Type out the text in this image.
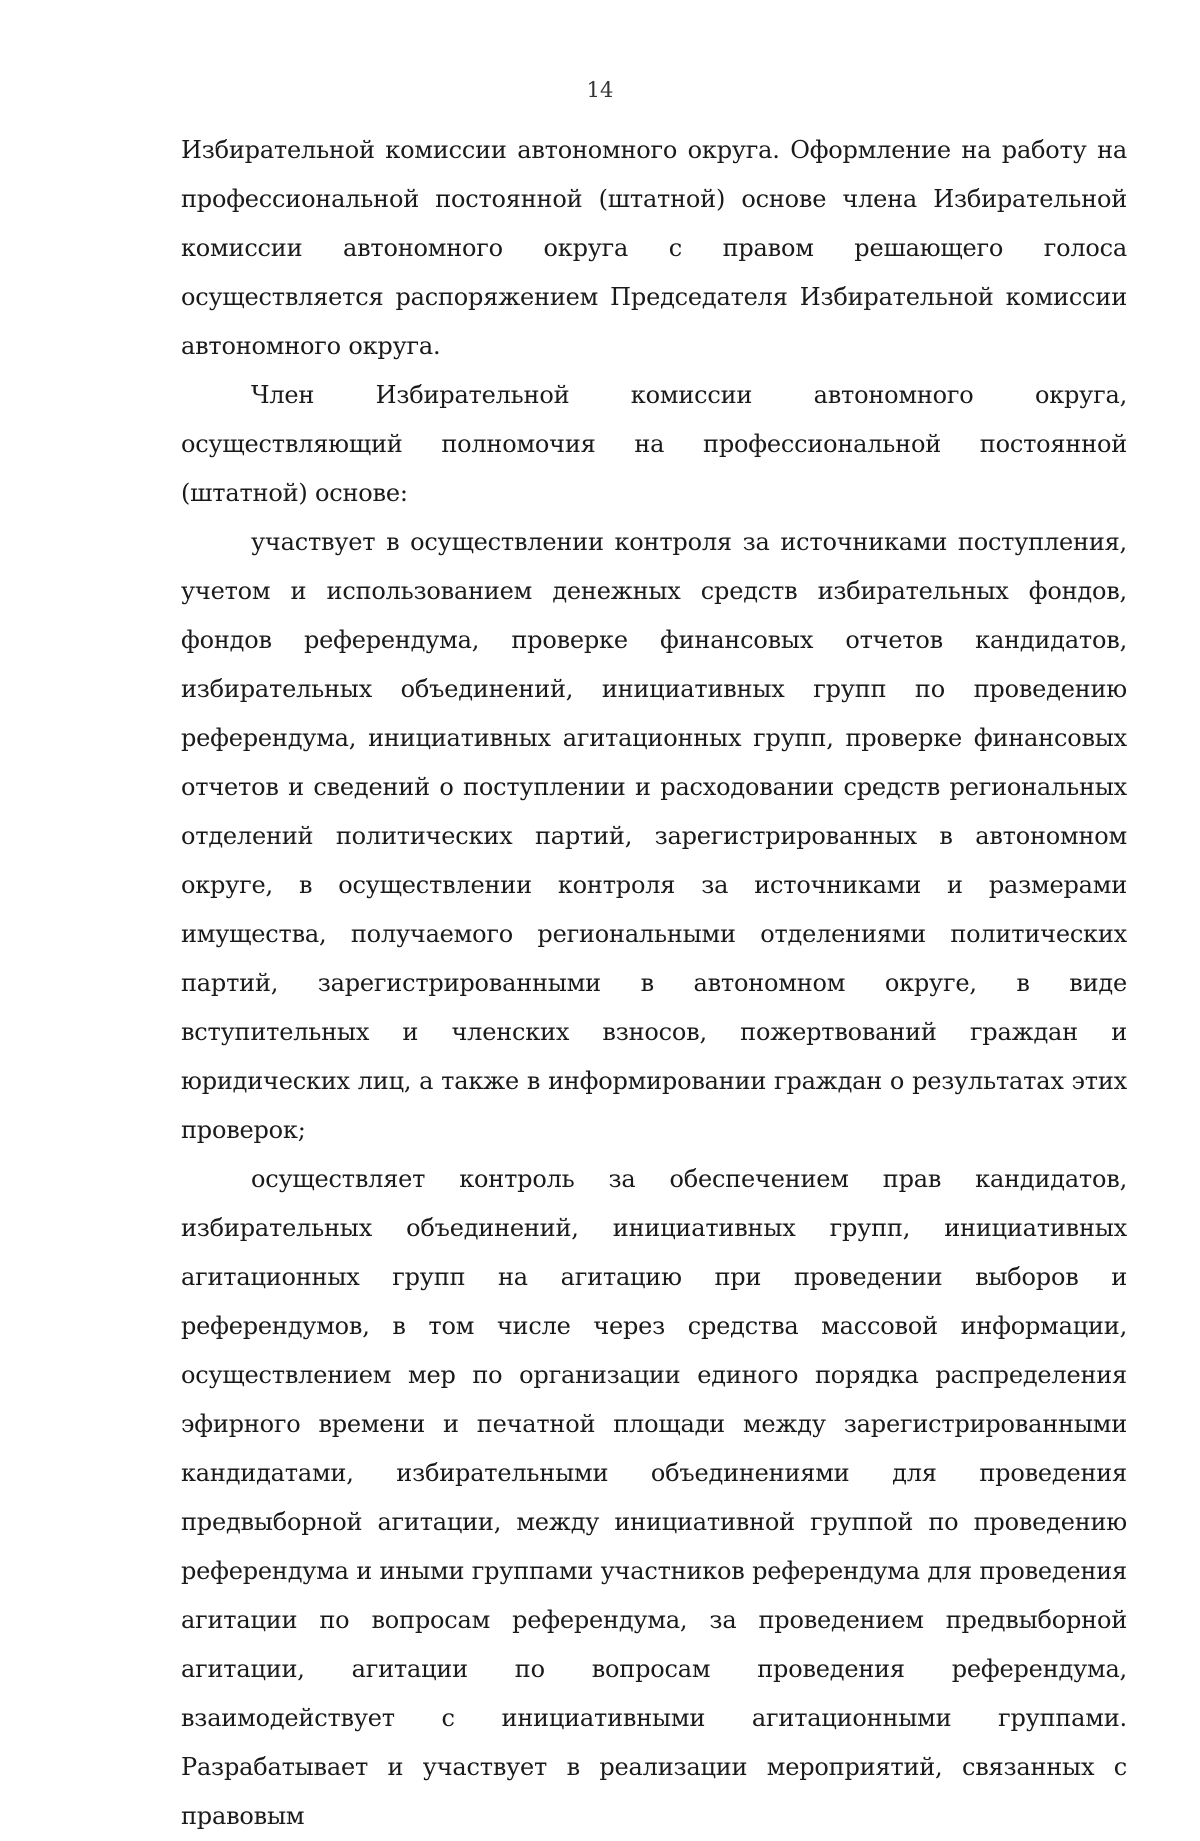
14

Избирательной комиссии автономного округа. Оформление на работу на профессиональной постоянной (штатной) основе члена Избирательной комиссии автономного округа с правом решающего голоса осуществляется распоряжением Председателя Избирательной комиссии автономного округа.

Член Избирательной комиссии автономного округа, осуществляющий полномочия на профессиональной постоянной (штатной) основе:

участвует в осуществлении контроля за источниками поступления, учетом и использованием денежных средств избирательных фондов, фондов референдума, проверке финансовых отчетов кандидатов, избирательных объединений, инициативных групп по проведению референдума, инициативных агитационных групп, проверке финансовых отчетов и сведений о поступлении и расходовании средств региональных отделений политических партий, зарегистрированных в автономном округе, в осуществлении контроля за источниками и размерами имущества, получаемого региональными отделениями политических партий, зарегистрированными в автономном округе, в виде вступительных и членских взносов, пожертвований граждан и юридических лиц, а также в информировании граждан о результатах этих проверок;

осуществляет контроль за обеспечением прав кандидатов, избирательных объединений, инициативных групп, инициативных агитационных групп на агитацию при проведении выборов и референдумов, в том числе через средства массовой информации, осуществлением мер по организации единого порядка распределения эфирного времени и печатной площади между зарегистрированными кандидатами, избирательными объединениями для проведения предвыборной агитации, между инициативной группой по проведению референдума и иными группами участников референдума для проведения агитации по вопросам референдума, за проведением предвыборной агитации, агитации по вопросам проведения референдума, взаимодействует с инициативными агитационными группами. Разрабатывает и участвует в реализации мероприятий, связанных с правовым
